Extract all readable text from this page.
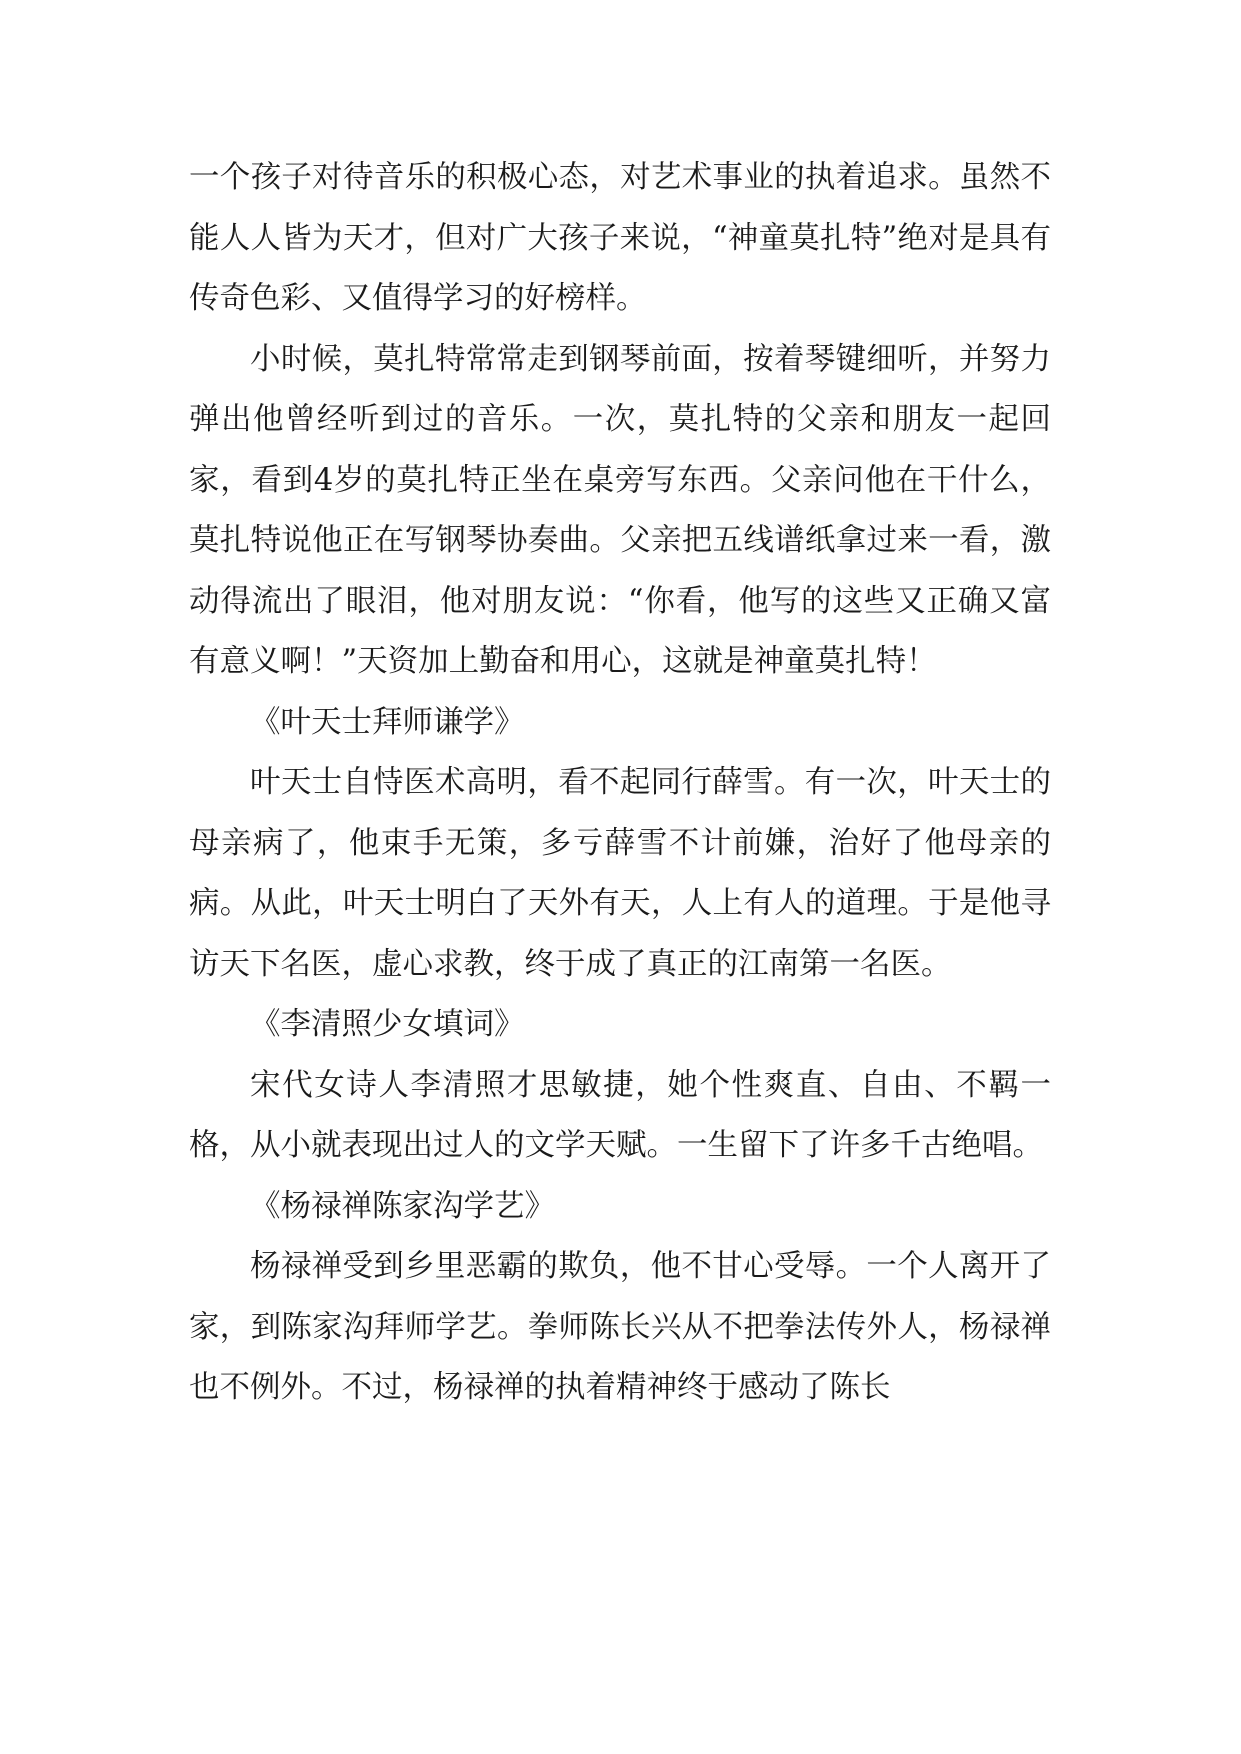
一个孩子对待音乐的积极心态，对艺术事业的执着追求。虽然不能人人皆为天才，但对广大孩子来说，“神童莫扎特”绝对是具有传奇色彩、又值得学习的好榜样。

小时候，莫扎特常常走到钢琴前面，按着琴键细听，并努力弹出他曾经听到过的音乐。一次，莫扎特的父亲和朋友一起回家，看到4岁的莫扎特正坐在桌旁写东西。父亲问他在干什么，莫扎特说他正在写钢琴协奏曲。父亲把五线谱纸拿过来一看，激动得流出了眼泪，他对朋友说：“你看，他写的这些又正确又富有意义啊！”天资加上勤奋和用心，这就是神童莫扎特！

《叶天士拜师谦学》

叶天士自恃医术高明，看不起同行薛雪。有一次，叶天士的母亲病了，他束手无策，多亏薛雪不计前嫌，治好了他母亲的病。从此，叶天士明白了天外有天，人上有人的道理。于是他寻访天下名医，虚心求教，终于成了真正的江南第一名医。

《李清照少女填词》

宋代女诗人李清照才思敏捷，她个性爽直、自由、不羁一格，从小就表现出过人的文学天赋。一生留下了许多千古绝唱。

《杨禄禅陈家沟学艺》

杨禄禅受到乡里恶霸的欺负，他不甘心受辱。一个人离开了家，到陈家沟拜师学艺。拳师陈长兴从不把拳法传外人，杨禄禅也不例外。不过，杨禄禅的执着精神终于感动了陈长
